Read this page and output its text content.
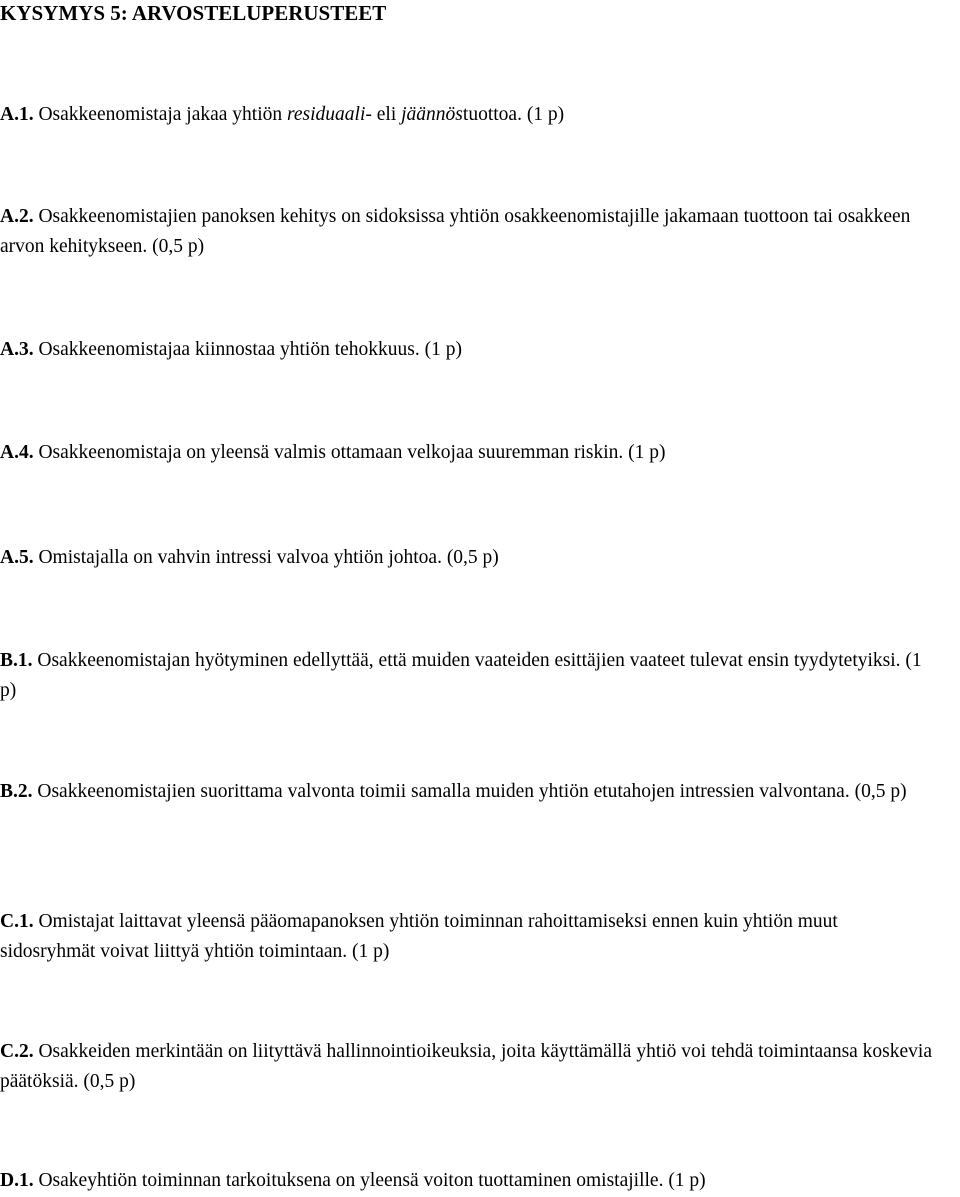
KYSYMYS 5: ARVOSTELUPERUSTEET
A.1. Osakkeenomistaja jakaa yhtiön residuaali- eli jäännöstuottoa. (1 p)
A.2. Osakkeenomistajien panoksen kehitys on sidoksissa yhtiön osakkeenomistajille jakamaan tuottoon tai osakkeen arvon kehitykseen. (0,5 p)
A.3. Osakkeenomistajaa kiinnostaa yhtiön tehokkuus. (1 p)
A.4. Osakkeenomistaja on yleensä valmis ottamaan velkojaa suuremman riskin. (1 p)
A.5. Omistajalla on vahvin intressi valvoa yhtiön johtoa. (0,5 p)
B.1. Osakkeenomistajan hyötyminen edellyttää, että muiden vaateiden esittäjien vaateet tulevat ensin tyydytetyiksi. (1 p)
B.2. Osakkeenomistajien suorittama valvonta toimii samalla muiden yhtiön etutahojen intressien valvontana. (0,5 p)
C.1. Omistajat laittavat yleensä pääomapanoksen yhtiön toiminnan rahoittamiseksi ennen kuin yhtiön muut sidosryhmät voivat liittyä yhtiön toimintaan. (1 p)
C.2. Osakkeiden merkintään on liityttävä hallinnointioikeuksia, joita käyttämällä yhtiö voi tehdä toimintaansa koskevia päätöksiä. (0,5 p)
D.1. Osakeyhtiön toiminnan tarkoituksena on yleensä voiton tuottaminen omistajille. (1 p)
